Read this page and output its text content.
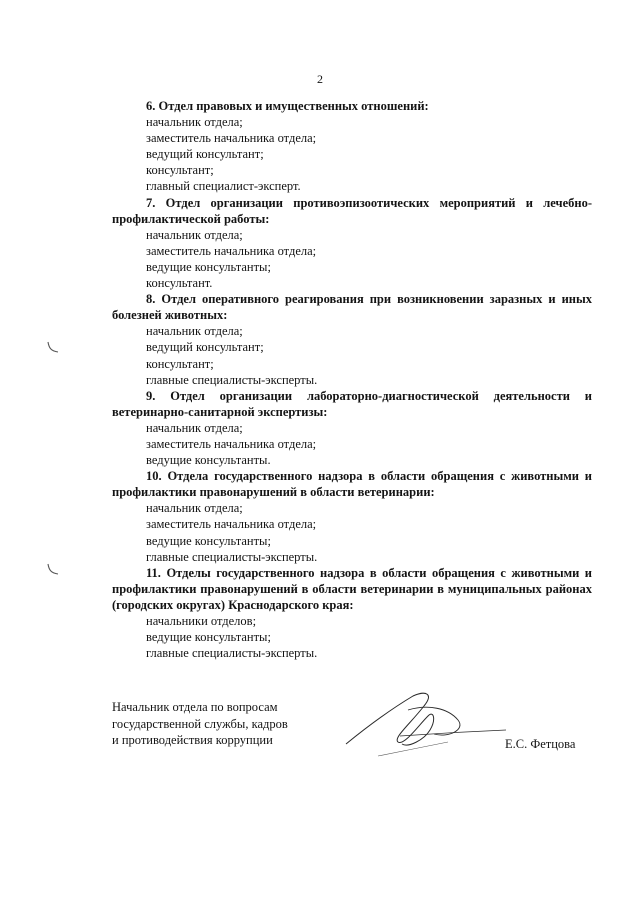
2

6. Отдел правовых и имущественных отношений:

начальник отдела;

заместитель начальника отдела;

ведущий консультант;

консультант;

главный специалист-эксперт.

7. Отдел организации противоэпизоотических мероприятий и лечебно-профилактической работы:

начальник отдела;

заместитель начальника отдела;

ведущие консультанты;

консультант.

8. Отдел оперативного реагирования при возникновении заразных и иных болезней животных:

начальник отдела;

ведущий консультант;

консультант;

главные специалисты-эксперты.

9. Отдел организации лабораторно-диагностической деятельности и ветеринарно-санитарной экспертизы:

начальник отдела;

заместитель начальника отдела;

ведущие консультанты.

10. Отдела государственного надзора в области обращения с животными и профилактики правонарушений в области ветеринарии:

начальник отдела;

заместитель начальника отдела;

ведущие консультанты;

главные специалисты-эксперты.

11. Отделы государственного надзора в области обращения с животными и профилактики правонарушений в области ветеринарии в муниципальных районах (городских округах) Краснодарского края:

начальники отделов;

ведущие консультанты;

главные специалисты-эксперты.

Начальник отдела по вопросам
государственной службы, кадров
и противодействия коррупции	Е.С. Фетцова
